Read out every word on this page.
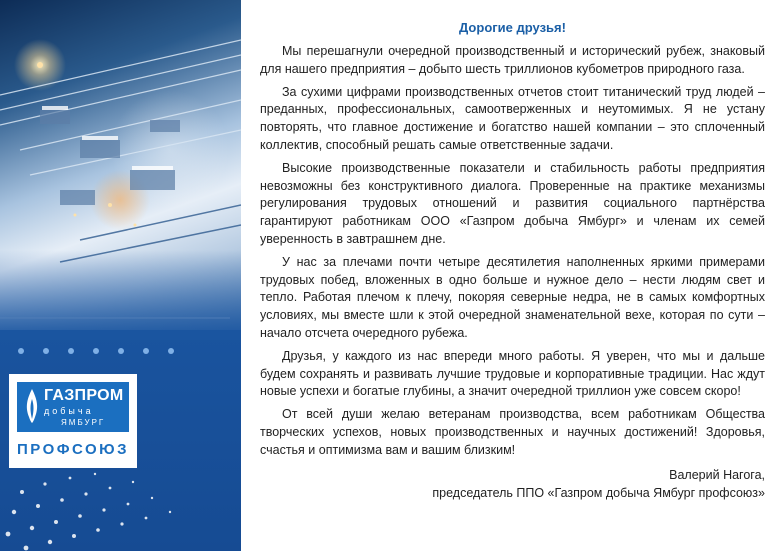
ГАЗПРОМ
добыча
ЯМБУРГ
ПРОФСОЮЗ
Дорогие друзья!

Мы перешагнули очередной производственный и исторический рубеж, знаковый для нашего предприятия – добыто шесть триллионов кубометров природного газа.

За сухими цифрами производственных отчетов стоит титанический труд людей – преданных, профессиональных, самоотверженных и неутомимых. Я не устану повторять, что главное достижение и богатство нашей компании – это сплоченный коллектив, способный решать самые ответственные задачи.

Высокие производственные показатели и стабильность работы предприятия невозможны без конструктивного диалога. Проверенные на практике механизмы регулирования трудовых отношений и развития социального партнёрства гарантируют работникам ООО «Газпром добыча Ямбург» и членам их семей уверенность в завтрашнем дне.

У нас за плечами почти четыре десятилетия наполненных яркими примерами трудовых побед, вложенных в одно больше и нужное дело – нести людям свет и тепло. Работая плечом к плечу, покоряя северные недра, не в самых комфортных условиях, мы вместе шли к этой очередной знаменательной вехе, которая по сути – начало отсчета очередного рубежа.

Друзья, у каждого из нас впереди много работы. Я уверен, что мы и дальше будем сохранять и развивать лучшие трудовые и корпоративные традиции. Нас ждут новые успехи и богатые глубины, а значит очередной триллион уже совсем скоро!

От всей души желаю ветеранам производства, всем работникам Общества творческих успехов, новых производственных и научных достижений! Здоровья, счастья и оптимизма вам и вашим близким!

Валерий Нагога,

председатель ППО «Газпром добыча Ямбург профсоюз»
